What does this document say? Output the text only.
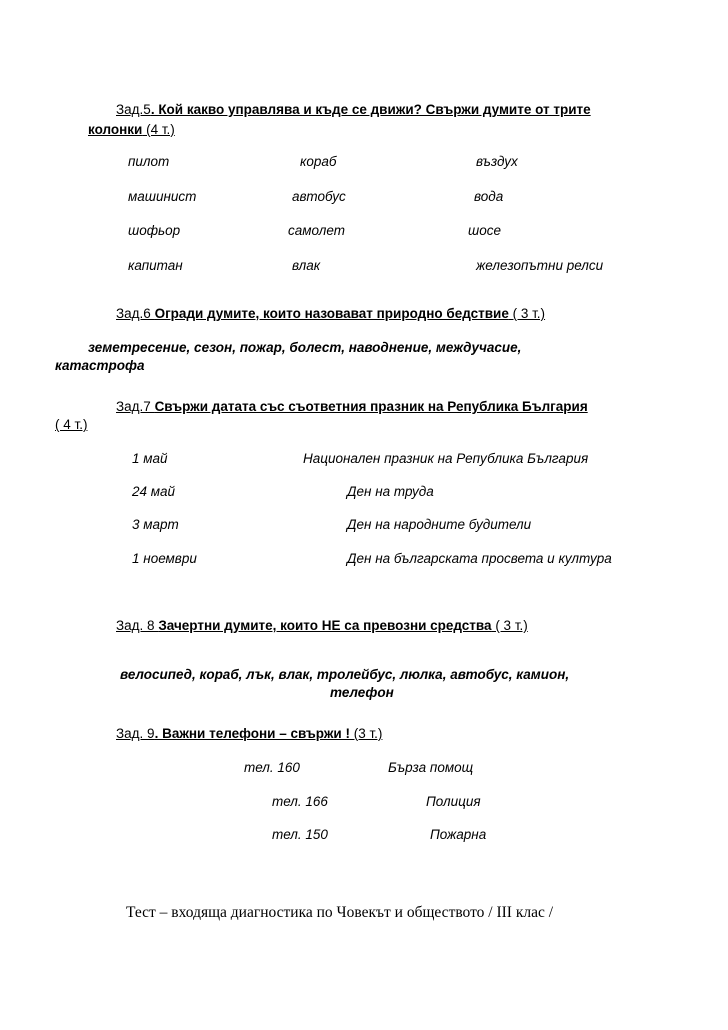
Зад.5. Кой какво управлява и къде се движи? Свържи думите от трите
колонки (4 т.)
пилот	кораб	въздух
машинист	автобус	вода
шофьор	самолет	шосе
капитан	влак	железопътни релси
Зад.6 Огради думите, които назовават природно бедствие ( 3 т.)
земетресение, сезон, пожар, болест, наводнение, междучасие,
катастрофа
Зад.7 Свържи датата със съответния празник на Република България
( 4 т.)
1 май	Национален празник на Република България
24 май	Ден на труда
3 март	Ден на народните будители
1 ноември	Ден на българската просвета и култура
Зад. 8 Зачертни думите, които НЕ са превозни средства ( 3 т.)
велосипед, кораб, лък, влак, тролейбус, люлка, автобус, камион,
телефон
Зад. 9. Важни телефони – свържи ! (3 т.)
тел. 160	Бърза помощ
тел. 166	Полиция
тел. 150	Пожарна
Тест – входяща диагностика по Човекът и обществото / III клас /
